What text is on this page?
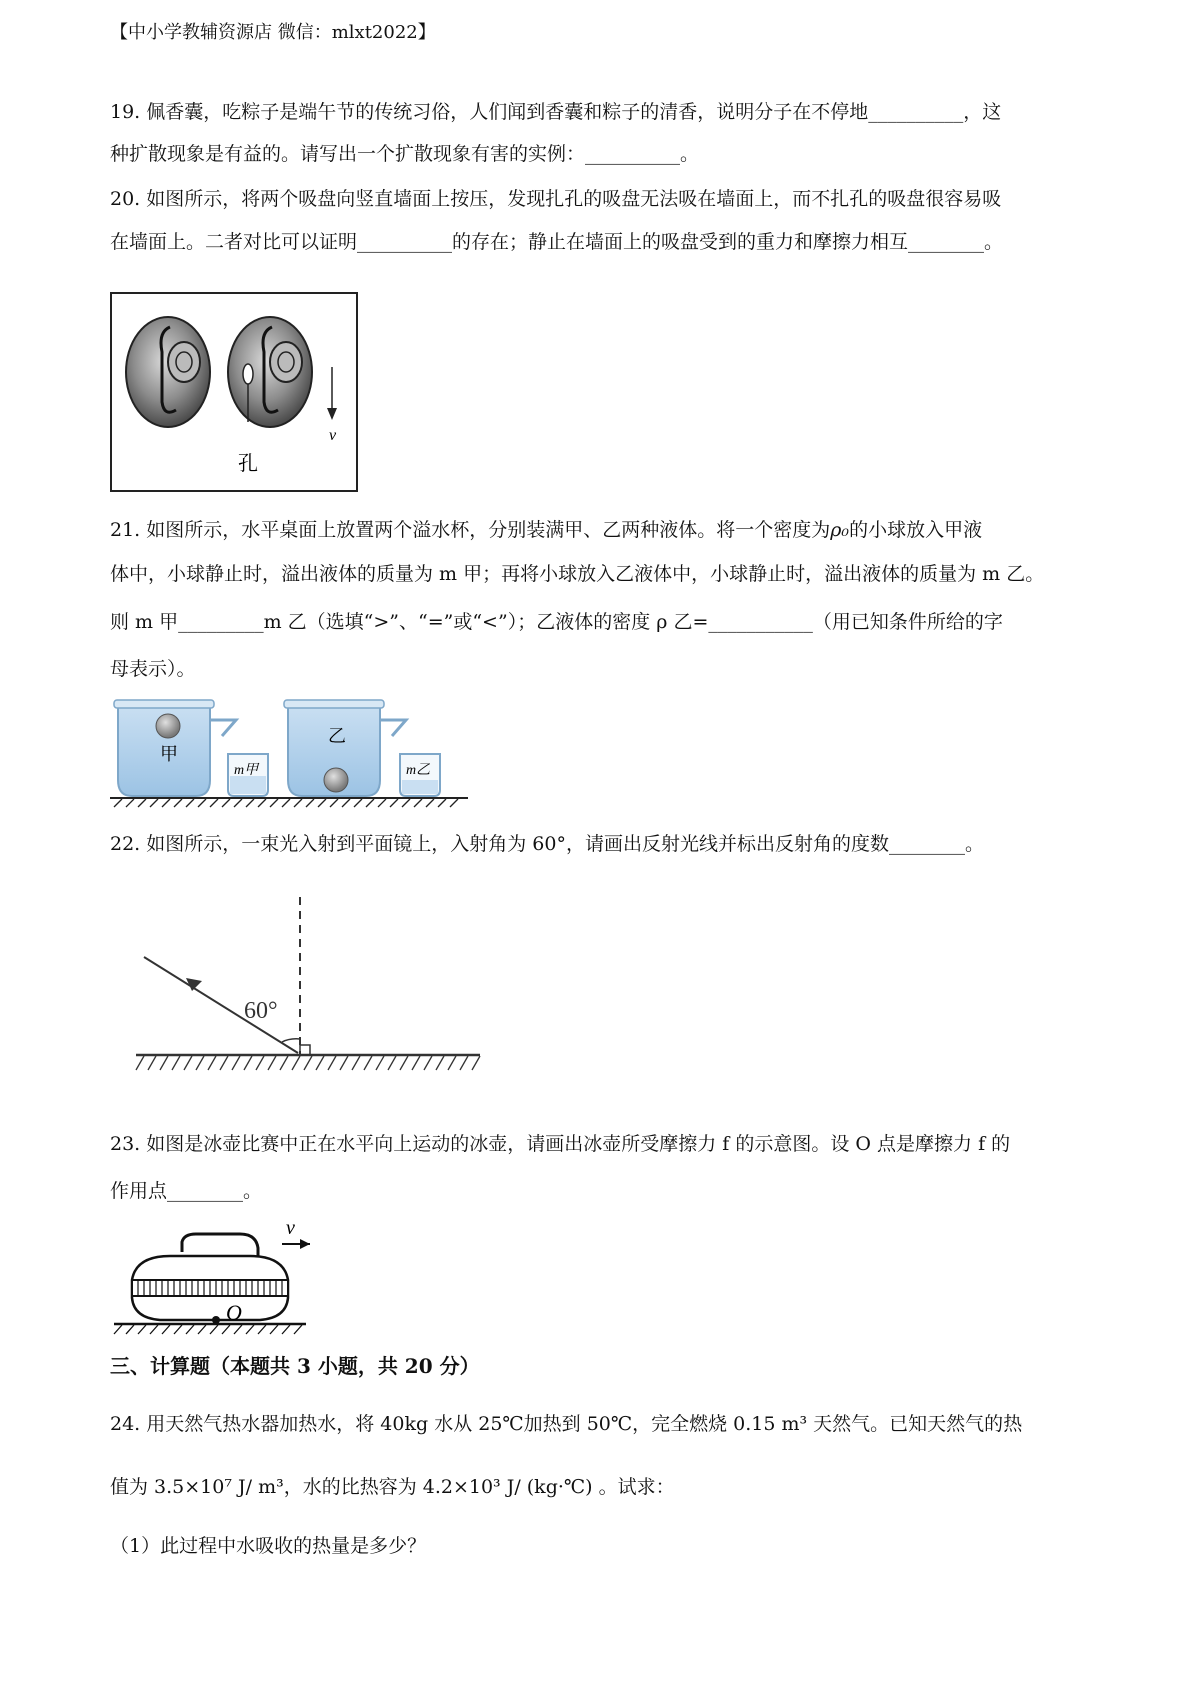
【中小学教辅资源店 微信：mlxt2022】
19. 佩香囊，吃粽子是端午节的传统习俗，人们闻到香囊和粽子的清香，说明分子在不停地__________，这
种扩散现象是有益的。请写出一个扩散现象有害的实例：__________。
20. 如图所示，将两个吸盘向竖直墙面上按压，发现扎孔的吸盘无法吸在墙面上，而不扎孔的吸盘很容易吸
在墙面上。二者对比可以证明__________的存在；静止在墙面上的吸盘受到的重力和摩擦力相互________。
v
孔
21. 如图所示，水平桌面上放置两个溢水杯，分别装满甲、乙两种液体。将一个密度为ρ₀的小球放入甲液
体中，小球静止时，溢出液体的质量为 m 甲；再将小球放入乙液体中，小球静止时，溢出液体的质量为 m 乙。
则 m 甲_________m 乙（选填“>”、“=”或“<”）；乙液体的密度 ρ 乙=___________（用已知条件所给的字
母表示）。
甲
m甲
乙
m乙
22. 如图所示，一束光入射到平面镜上，入射角为 60°，请画出反射光线并标出反射角的度数________。
60°
23. 如图是冰壶比赛中正在水平向上运动的冰壶，请画出冰壶所受摩擦力 f 的示意图。设 O 点是摩擦力 f 的
作用点________。
v
O
三、计算题（本题共 3 小题，共 20 分）
24. 用天然气热水器加热水，将 40kg 水从 25℃加热到 50℃，完全燃烧 0.15 m³ 天然气。已知天然气的热
值为 3.5×10⁷ J/ m³，水的比热容为 4.2×10³ J/ (kg·℃) 。试求：
（1）此过程中水吸收的热量是多少？
